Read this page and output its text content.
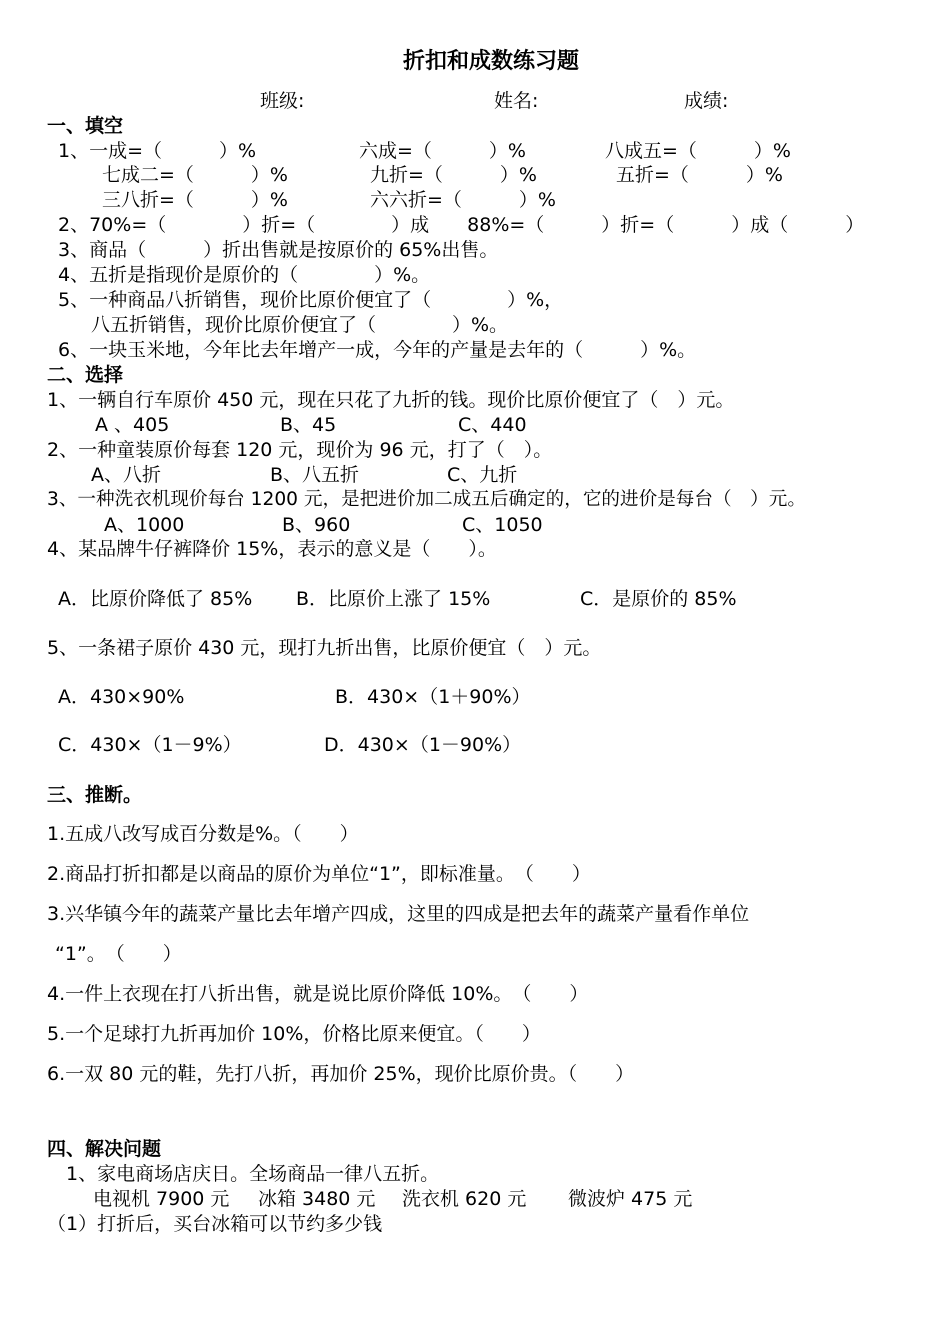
折扣和成数练习题
班级:	姓名:	成绩:
一、填空
1、一成=（　　　）%	六成=（　　　）%	八成五=（　　　）%
七成二=（　　　）%	九折=（　　　）%	五折=（　　　）%
三八折=（　　　）%	六六折=（　　　）%
2、70%=（　　　　）折=（　　　　）成　　88%=（　　　）折=（　　　）成（　　　）
3、商品（　　　）折出售就是按原价的 65%出售。
4、五折是指现价是原价的（　　　　）%。
5、一种商品八折销售，现价比原价便宜了（　　　　）%，
八五折销售，现价比原价便宜了（　　　　）%。
6、一块玉米地，今年比去年增产一成，今年的产量是去年的（　　　）%。
二、选择
1、一辆自行车原价 450 元，现在只花了九折的钱。现价比原价便宜了（　）元。
A 、405	B、45	C、440
2、一种童装原价每套 120 元，现价为 96 元，打了（　）。
A、八折	B、八五折	C、九折
3、一种洗衣机现价每台 1200 元，是把进价加二成五后确定的，它的进价是每台（　）元。
A、1000	B、960	C、1050
4、某品牌牛仔裤降价 15%，表示的意义是（　　）。
A．比原价降低了 85% B．比原价上涨了 15%	C．是原价的 85%
5、一条裙子原价 430 元，现打九折出售，比原价便宜（　）元。
A．430×90%	B．430×（1＋90%）
C．430×（1－9%）	D．430×（1－90%）
三、推断。
1.五成八改写成百分数是%。（　　）
2.商品打折扣都是以商品的原价为单位“1”，即标准量。　（　　）
3.兴华镇今年的蔬菜产量比去年增产四成，这里的四成是把去年的蔬菜产量看作单位
“1”。　（　　）
4.一件上衣现在打八折出售，就是说比原价降低 10%。　（　　）
5.一个足球打九折再加价 10%，价格比原来便宜。（　　）
6.一双 80 元的鞋，先打八折，再加价 25%，现价比原价贵。（　　）
四、解决问题
1、家电商场店庆日。全场商品一律八五折。
电视机 7900 元 冰箱 3480 元 洗衣机 620 元 微波炉 475 元
（1）打折后，买台冰箱可以节约多少钱
